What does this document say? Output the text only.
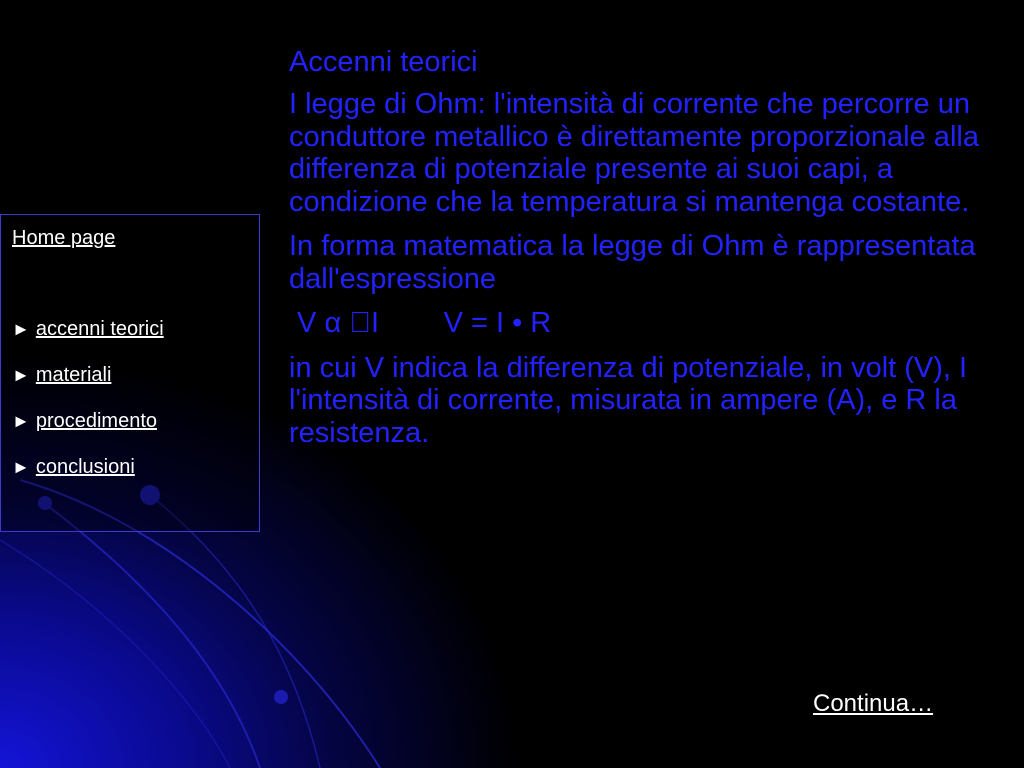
Home page
► accenni teorici
► materiali
► procedimento
► conclusioni

Accenni teorici

I legge di Ohm: l'intensità di corrente che percorre un conduttore metallico è direttamente proporzionale alla differenza di potenziale presente ai suoi capi, a condizione che la temperatura si mantenga costante.

In forma matematica la legge di Ohm è rappresentata dall'espressione

V α  I V = I • R

in cui V indica la differenza di potenziale, in volt (V), I l'intensità di corrente, misurata in ampere (A), e R la resistenza.

Continua…
